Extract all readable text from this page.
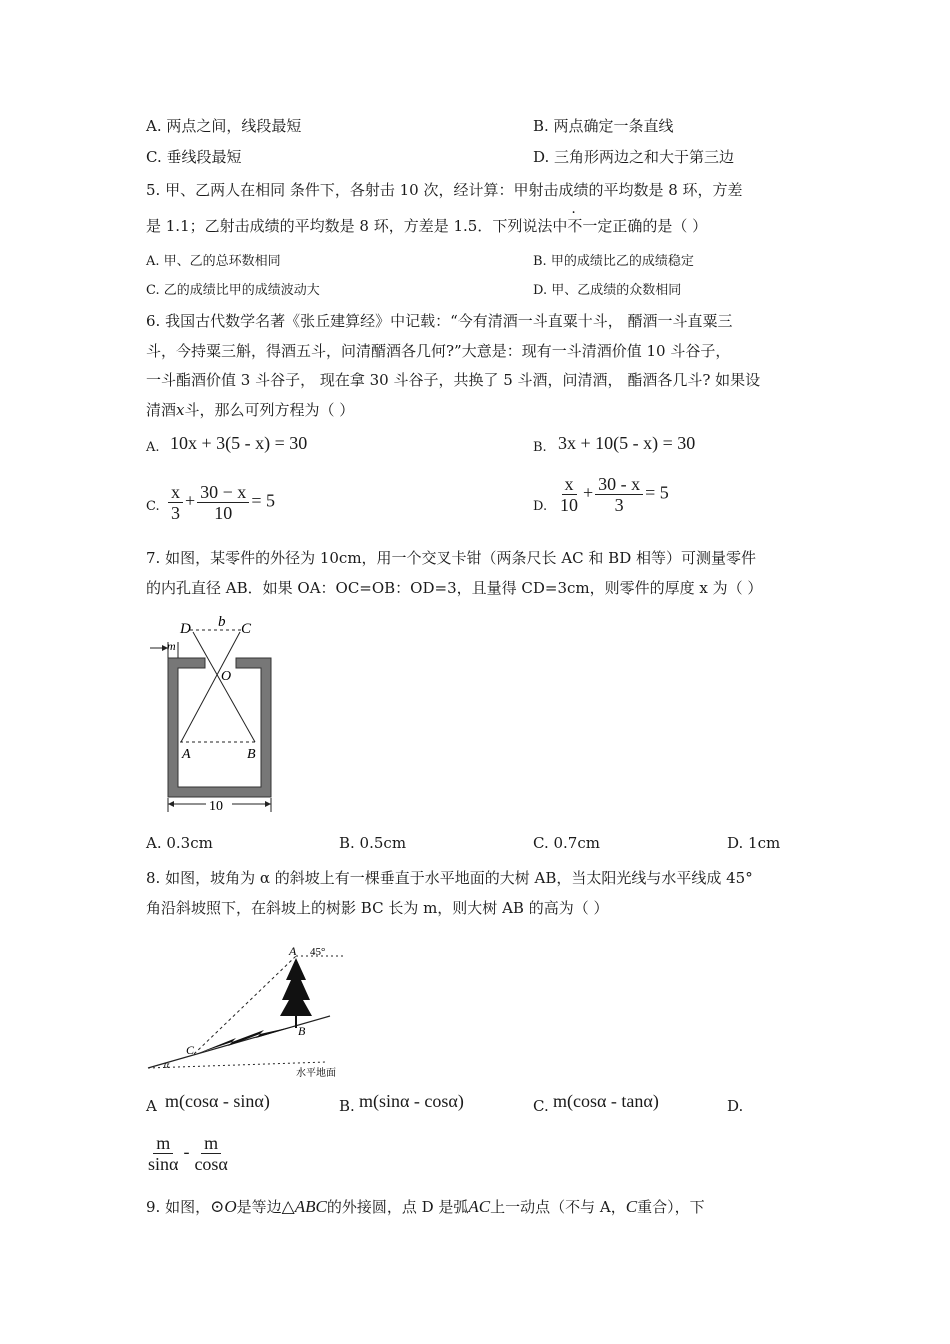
A. 两点之间，线段最短	B. 两点确定一条直线
C. 垂线段最短	D. 三角形两边之和大于第三边
5. 甲、乙两人在相同 条件下，各射击 10 次，经计算：甲射击成绩的平均数是 8 环，方差
是 1.1；乙射击成绩的平均数是 8 环，方差是 1.5．下列说法中不一定正确的是（ ）
A. 甲、乙的总环数相同	B. 甲的成绩比乙的成绩稳定
C. 乙的成绩比甲的成绩波动大	D. 甲、乙成绩的众数相同
6. 我国古代数学名著《张丘建算经》中记载：“今有清酒一斗直粟十斗， 醑酒一斗直粟三
斗，今持粟三斛，得酒五斗，问清醑酒各几何?”大意是：现有一斗清酒价值 10 斗谷子，
一斗酯酒价值 3 斗谷子， 现在拿 30 斗谷子，共换了 5 斗酒，问清酒， 酯酒各几斗? 如果设
清酒x斗，那么可列方程为（ ）
A. 10x + 3(5 - x) = 30	B. 3x + 10(5 - x) = 30
C. $\frac{x}{3} + \frac{30 - x}{10} = 5$	D. $\frac{x}{10} + \frac{30 - x}{3} = 5$
7. 如图，某零件的外径为 10cm，用一个交叉卡钳（两条尺长 AC 和 BD 相等）可测量零件
的内孔直径 AB．如果 OA：OC=OB：OD=3，且量得 CD=3cm，则零件的厚度 x 为（ ）
D	C
b
O
A	B
m
10
A. 0.3cm	B. 0.5cm	C. 0.7cm	D. 1cm
8. 如图，坡角为 α 的斜坡上有一棵垂直于水平地面的大树 AB，当太阳光线与水平线成 45°
角沿斜坡照下，在斜坡上的树影 BC 长为 m，则大树 AB 的高为（ ）
A 45°
B
C
α
水平地面
A m(cosα - sinα)	B. m(sinα - cosα)	C. m(cosα - tanα)	D.
$\frac{m}{\sin\alpha} - \frac{m}{\cos\alpha}$
9. 如图，⊙O是等边△ABC的外接圆，点 D 是弧AC上一动点（不与 A，C重合），下
